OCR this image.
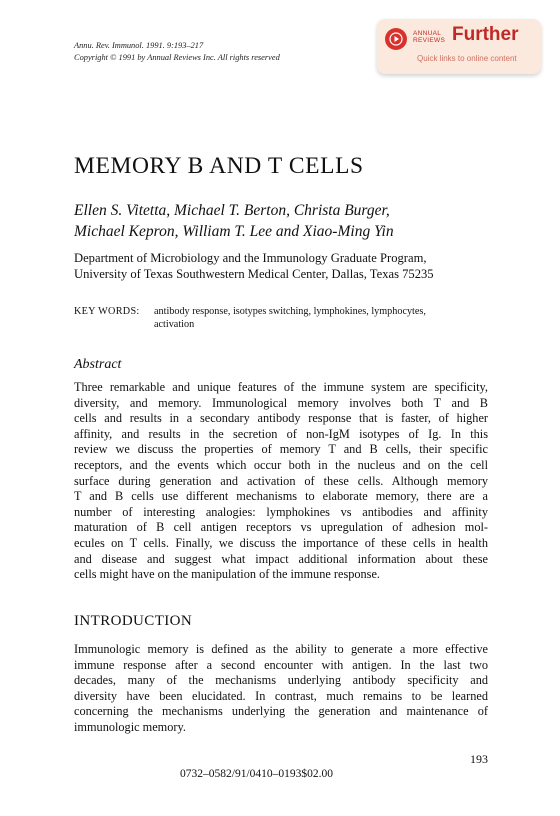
Annu. Rev. Immunol. 1991. 9:193–217
Copyright © 1991 by Annual Reviews Inc. All rights reserved
ANNUAL
REVIEWS Further
Quick links to online content
MEMORY B AND T CELLS
Ellen S. Vitetta, Michael T. Berton, Christa Burger,
Michael Kepron, William T. Lee and Xiao-Ming Yin
Department of Microbiology and the Immunology Graduate Program,
University of Texas Southwestern Medical Center, Dallas, Texas 75235
KEY WORDS: antibody response, isotypes switching, lymphokines, lymphocytes,
activation
Abstract
Three remarkable and unique features of the immune system are specificity,
diversity, and memory. Immunological memory involves both T and B
cells and results in a secondary antibody response that is faster, of higher
affinity, and results in the secretion of non-IgM isotypes of Ig. In this
review we discuss the properties of memory T and B cells, their specific
receptors, and the events which occur both in the nucleus and on the cell
surface during generation and activation of these cells. Although memory
T and B cells use different mechanisms to elaborate memory, there are a
number of interesting analogies: lymphokines vs antibodies and affinity
maturation of B cell antigen receptors vs upregulation of adhesion mol-
ecules on T cells. Finally, we discuss the importance of these cells in health
and disease and suggest what impact additional information about these
cells might have on the manipulation of the immune response.
INTRODUCTION
Immunologic memory is defined as the ability to generate a more effective
immune response after a second encounter with antigen. In the last two
decades, many of the mechanisms underlying antibody specificity and
diversity have been elucidated. In contrast, much remains to be learned
concerning the mechanisms underlying the generation and maintenance of
immunologic memory.
193
0732–0582/91/0410–0193$02.00
